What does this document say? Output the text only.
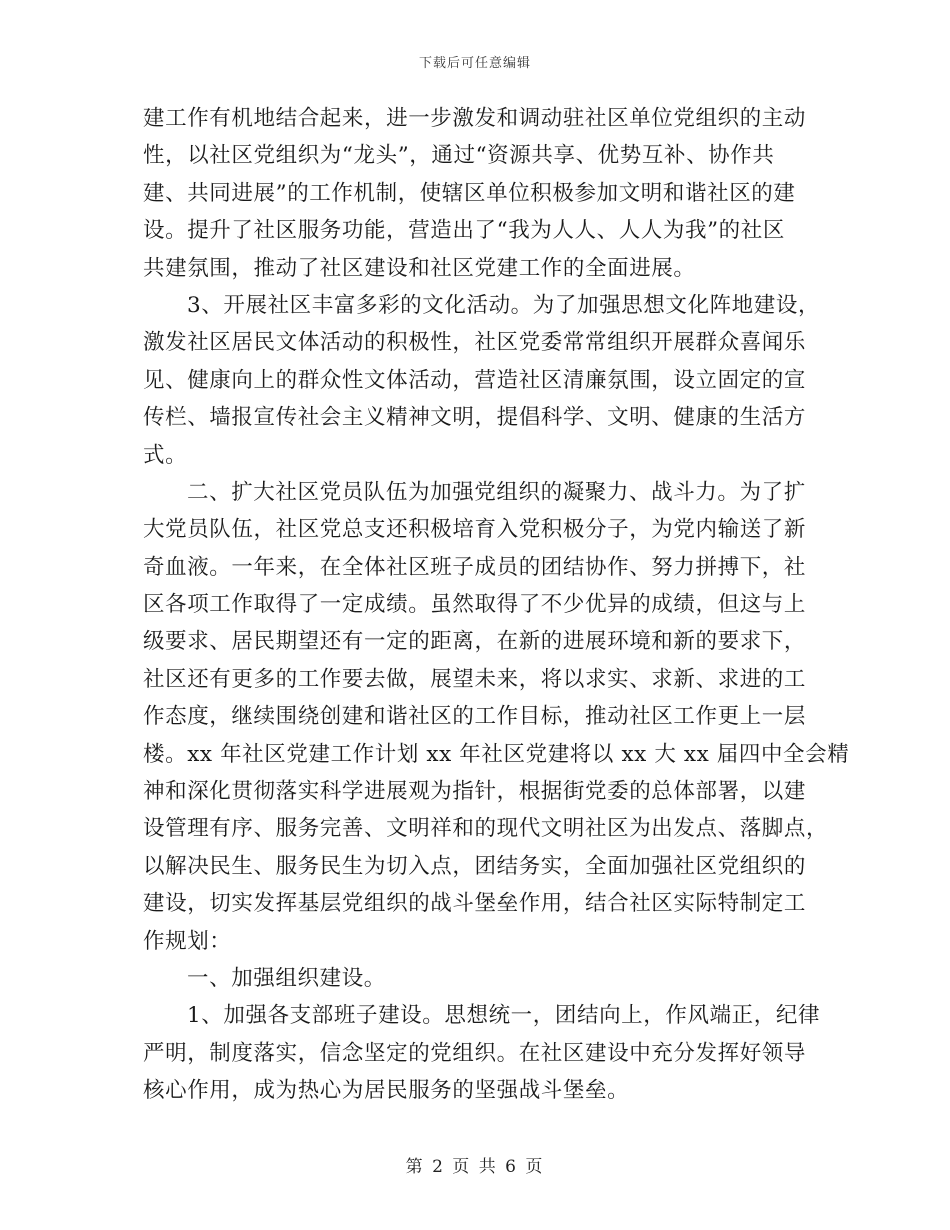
下载后可任意编辑
建工作有机地结合起来，进一步激发和调动驻社区单位党组织的主动
性，以社区党组织为“龙头”，通过“资源共享、优势互补、协作共
建、共同进展”的工作机制，使辖区单位积极参加文明和谐社区的建
设。提升了社区服务功能，营造出了“我为人人、人人为我”的社区
共建氛围，推动了社区建设和社区党建工作的全面进展。
3、开展社区丰富多彩的文化活动。为了加强思想文化阵地建设，
激发社区居民文体活动的积极性，社区党委常常组织开展群众喜闻乐
见、健康向上的群众性文体活动，营造社区清廉氛围，设立固定的宣
传栏、墙报宣传社会主义精神文明，提倡科学、文明、健康的生活方
式。
二、扩大社区党员队伍为加强党组织的凝聚力、战斗力。为了扩
大党员队伍，社区党总支还积极培育入党积极分子，为党内输送了新
奇血液。一年来，在全体社区班子成员的团结协作、努力拼搏下，社
区各项工作取得了一定成绩。虽然取得了不少优异的成绩，但这与上
级要求、居民期望还有一定的距离，在新的进展环境和新的要求下，
社区还有更多的工作要去做，展望未来，将以求实、求新、求进的工
作态度，继续围绕创建和谐社区的工作目标，推动社区工作更上一层
楼。xx 年社区党建工作计划 xx 年社区党建将以 xx 大 xx 届四中全会精
神和深化贯彻落实科学进展观为指针，根据街党委的总体部署，以建
设管理有序、服务完善、文明祥和的现代文明社区为出发点、落脚点，
以解决民生、服务民生为切入点，团结务实，全面加强社区党组织的
建设，切实发挥基层党组织的战斗堡垒作用，结合社区实际特制定工
作规划：
一、加强组织建设。
1、加强各支部班子建设。思想统一，团结向上，作风端正，纪律
严明，制度落实，信念坚定的党组织。在社区建设中充分发挥好领导
核心作用，成为热心为居民服务的坚强战斗堡垒。
第 2 页 共 6 页
